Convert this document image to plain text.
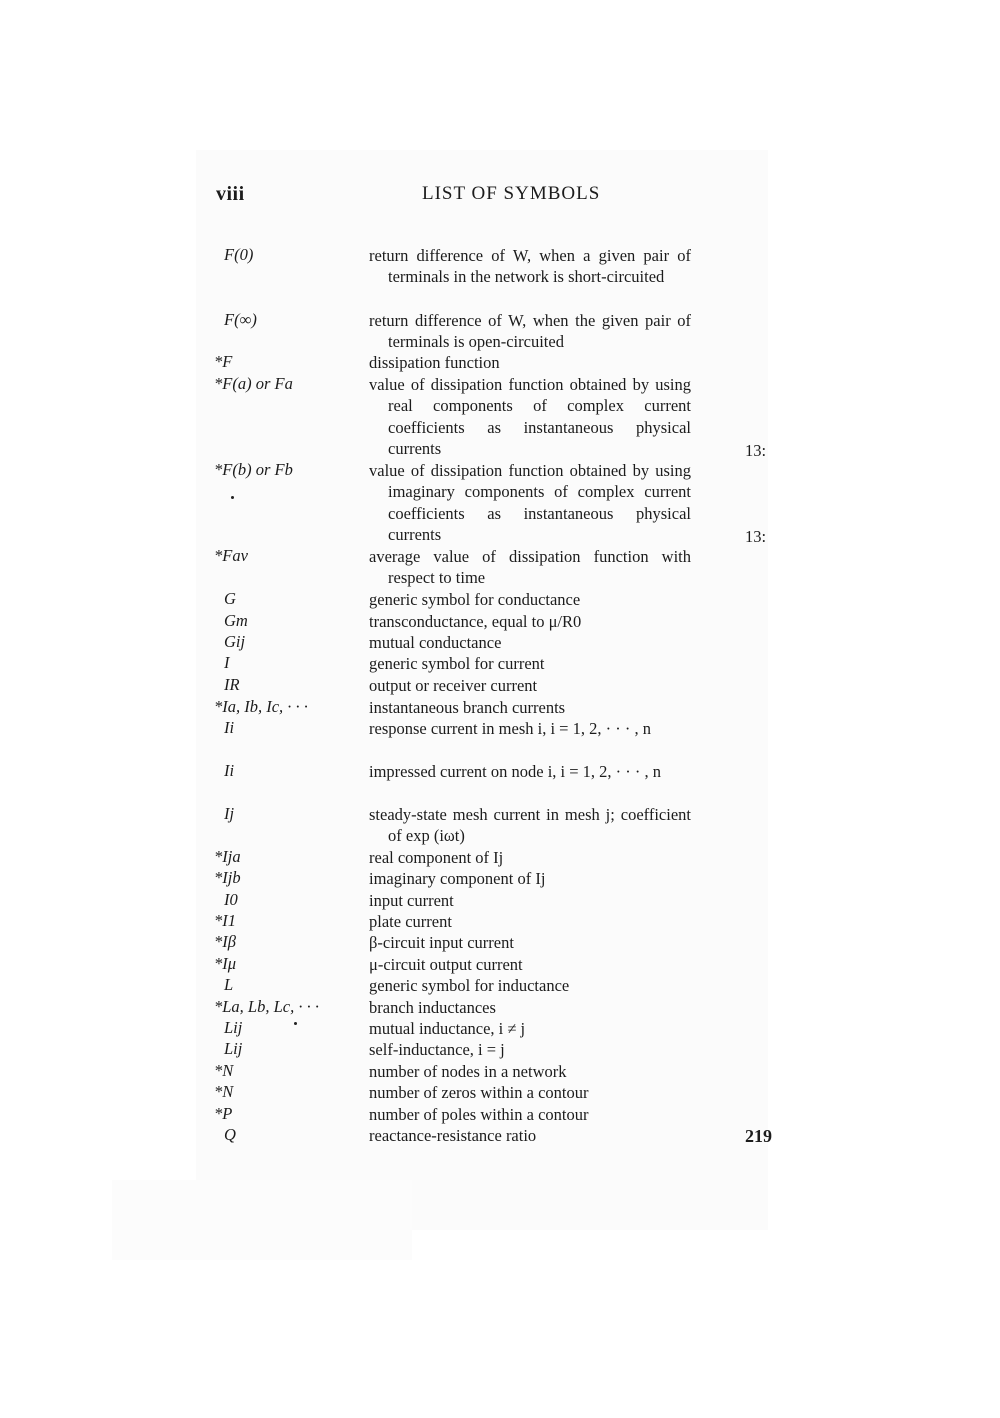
viii	LIST OF SYMBOLS
F(0)	return difference of W, when a given pair of terminals in the network is short-circuited
F(∞)	return difference of W, when the given pair of terminals is open-circuited
*F	dissipation function
*F(a) or Fa	value of dissipation function obtained by using real components of complex current coefficients as instantaneous physical currents
*F(b) or Fb	value of dissipation function obtained by using imaginary components of complex current coefficients as instantaneous physical currents
*Fav	average value of dissipation function with respect to time
G	generic symbol for conductance
Gm	transconductance, equal to μ/R0
Gij	mutual conductance
I	generic symbol for current
IR	output or receiver current
*Ia, Ib, Ic, · · ·	instantaneous branch currents
Ii	response current in mesh i, i = 1, 2, · · · , n
Ii	impressed current on node i, i = 1, 2, · · · , n
Ij	steady-state mesh current in mesh j; coefficient of exp (iωt)
*Ija	real component of Ij
*Ijb	imaginary component of Ij
I0	input current
*I1	plate current
*Iβ	β-circuit input current
*Iμ	μ-circuit output current
L	generic symbol for inductance
*La, Lb, Lc, · · ·	branch inductances
Lij	mutual inductance, i ≠ j
Lij	self-inductance, i = j
*N	number of nodes in a network
*N	number of zeros within a contour
*P	number of poles within a contour
Q	reactance-resistance ratio
13:
13:
219
